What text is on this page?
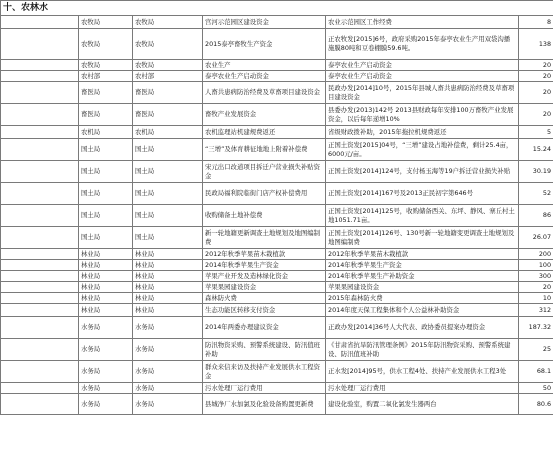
十、农林水					
	农牧局	农牧局	宫河示范园区建设资金	农业示范园区工作经费	8
	农牧局	农牧局	2015泰亭畜牧生产资金	正农牧发[2015]6号，政府采购2015年泰亭农业生产用双袋沟播施膜80吨和豆卷棚膜59.6吨。	138
	农牧局	农牧局	农业生产	泰亭农业生产启动资金	20
	农村部	农村部	泰亭农业生产启动资金	泰亭农业生产启动资金	20
	畜医局	畜医局	人畜共患病防治经费及草畜项目建设资金	民政办发[2014]10号，2015年县城人畜共患病防治经费及草畜项目建设资金	20
	畜医局	畜医局	畜牧产业发展资金	县委办发(2013)142号 2013县财政每年安排100万畜牧产业发展资金，以后每年递增10%	20
	农机局	农机局	农机监理站机建规费返还	省级财政拨补助，2015年拖拉机规费返还	5
	国土局	国土局	“三增”及体育耕征地地上附着补偿费	正国土资发[2015]04号，“三增”建设占地补偿费，剩计25.4亩，6000元/亩。	15.24
	国土局	国土局	宋元出口改道项目拆迁户营业损失补贴资金	正国土资发[2014]124号，支付杨玉海等19户拆迁营业损失补贴	30.19
	国土局	国土局	民政局福利院临街门店产权补偿费用	正国土资发[2014]167号及2013正民初字第646号	52
	国土局	国土局	收购储备土地补偿费	正国土资发[2014]125号，收购储备西关、东坪、静风、寨丘村土地1051.71亩。	86
	国土局	国土局	新一轮地籍更新调查土地规划及地图编制费	正国土资发[2014]126号、130号新一轮地籍变更调查土地规划及地图编制费	26.07
	林业局	林业局	2012年秋季苹果苗木栽植款	2012年秋季苹果苗木栽植款	200
	林业局	林业局	2014年秋季苹果生产资金	2014年秋季苹果生产资金	100
	林业局	林业局	苹果产业开发及造林绿化资金	2014年秋季苹果生产补助资金	300
	林业局	林业局	苹果果园建设资金	苹果果园建设资金	20
	林业局	林业局	森林防火费	2015年森林防火费	10
	林业局	林业局	生态功能区转移支付资金	2014年度天保工程集体和个人公益林补助资金	312
	水务局	水务局	2014年两委办理建议资金	正政办发[2014]36号人大代表、政协委员提案办理资金	187.32
	水务局	水务局	防汛物资采购、预警系统建设、防汛值班补助	《甘肃省抗旱防汛管理条例》2015年防汛物资采购、预警系统建设、防汛值班补助	25
	水务局	水务局	群众来信来访及扶持产业发展供水工程资金	正水发[2014]95号，供水工程4处、扶持产业发展供水工程3处	68.1
	水务局	水务局	污水处理厂运行费用	污水处理厂运行费用	50
	水务局	水务局	县城净厂水加氯及化验设备购置更新费	建设化验室，购置二氧化氯发生器两台	80.6
